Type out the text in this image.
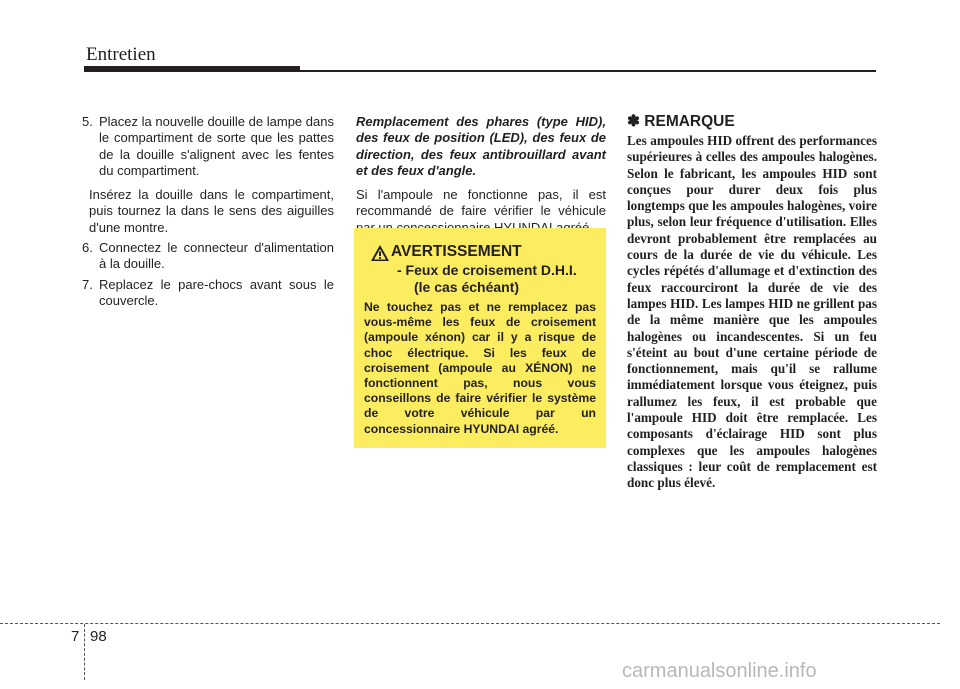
Entretien

5. Placez la nouvelle douille de lampe dans le compartiment de sorte que les pattes de la douille s'alignent avec les fentes du compartiment.

Insérez la douille dans le compartiment, puis tournez la dans le sens des aiguilles d'une montre.

6. Connectez le connecteur d'alimentation à la douille.

7. Replacez le pare-chocs avant sous le couvercle.

Remplacement des phares (type HID), des feux de position (LED), des feux de direction, des feux antibrouillard avant et des feux d'angle.

Si l'ampoule ne fonctionne pas, il est recommandé de faire vérifier le véhicule

AVERTISSEMENT
- Feux de croisement D.H.I.
(le cas échéant)

Ne touchez pas et ne remplacez pas vous-même les feux de croisement (ampoule xénon) car il y a risque de choc électrique. Si les feux de croisement (ampoule au XÉNON) ne fonctionnent pas, nous vous conseillons de faire vérifier le système de votre véhicule par un concessionnaire HYUNDAI agréé.

✽ REMARQUE

Les ampoules HID offrent des performances supérieures à celles des ampoules halogènes. Selon le fabricant, les ampoules HID sont conçues pour durer deux fois plus longtemps que les ampoules halogènes, voire plus, selon leur fréquence d'utilisation. Elles devront probablement être remplacées au cours de la durée de vie du véhicule. Les cycles répétés d'allumage et d'extinction des feux raccourciront la durée de vie des lampes HID. Les lampes HID ne grillent pas de la même manière que les ampoules halogènes ou incandescentes. Si un feu s'éteint au bout d'une certaine période de fonctionnement, mais qu'il se rallume immédiatement lorsque vous éteignez, puis rallumez les feux, il est probable que l'ampoule HID doit être remplacée. Les composants d'éclairage HID sont plus complexes que les ampoules halogènes classiques : leur coût de remplacement est donc plus élevé.

7 98
carmanualsonline.info
